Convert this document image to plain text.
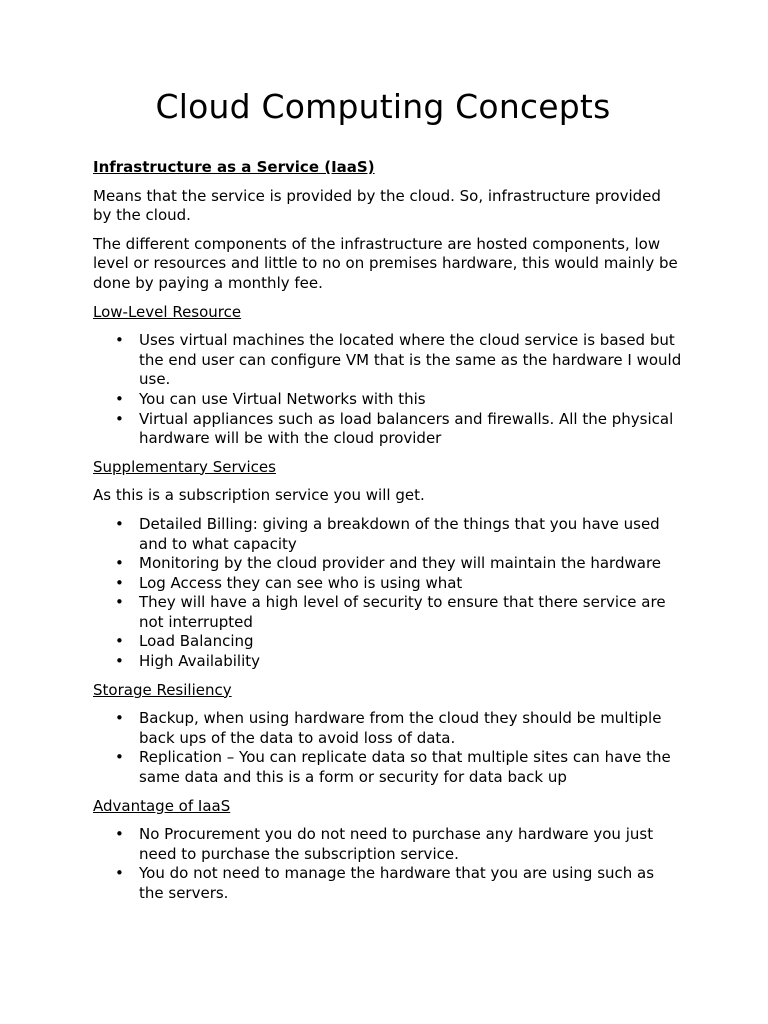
Cloud Computing Concepts
Infrastructure as a Service (IaaS)

Means that the service is provided by the cloud. So, infrastructure provided by the cloud.

The different components of the infrastructure are hosted components, low level or resources and little to no on premises hardware, this would mainly be done by paying a monthly fee.

Low-Level Resource
• Uses virtual machines the located where the cloud service is based but the end user can configure VM that is the same as the hardware I would use.
• You can use Virtual Networks with this
• Virtual appliances such as load balancers and firewalls. All the physical hardware will be with the cloud provider
Supplementary Services

As this is a subscription service you will get.

• Detailed Billing: giving a breakdown of the things that you have used and to what capacity
• Monitoring by the cloud provider and they will maintain the hardware
• Log Access they can see who is using what
• They will have a high level of security to ensure that there service are not interrupted
• Load Balancing
• High Availability
Storage Resiliency
• Backup, when using hardware from the cloud they should be multiple back ups of the data to avoid loss of data.
• Replication – You can replicate data so that multiple sites can have the same data and this is a form or security for data back up
Advantage of IaaS
• No Procurement you do not need to purchase any hardware you just need to purchase the subscription service.
• You do not need to manage the hardware that you are using such as the servers.
